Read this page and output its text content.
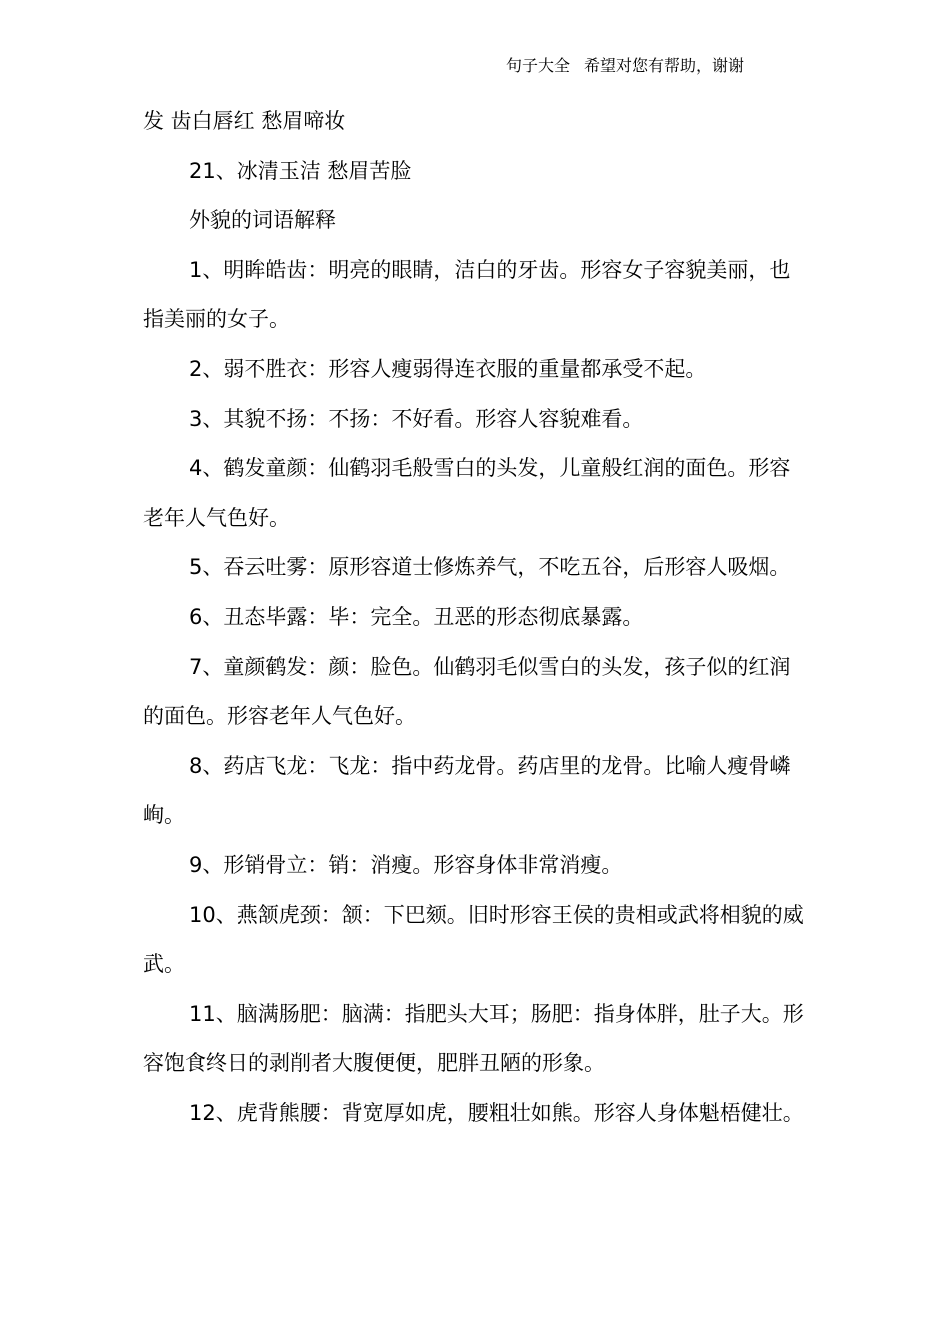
句子大全 希望对您有帮助，谢谢

发 齿白唇红 愁眉啼妆

21、冰清玉洁 愁眉苦脸

外貌的词语解释

1、明眸皓齿：明亮的眼睛，洁白的牙齿。形容女子容貌美丽，也指美丽的女子。

2、弱不胜衣：形容人瘦弱得连衣服的重量都承受不起。

3、其貌不扬：不扬：不好看。形容人容貌难看。

4、鹤发童颜：仙鹤羽毛般雪白的头发，儿童般红润的面色。形容老年人气色好。

5、吞云吐雾：原形容道士修炼养气，不吃五谷，后形容人吸烟。

6、丑态毕露：毕：完全。丑恶的形态彻底暴露。

7、童颜鹤发：颜：脸色。仙鹤羽毛似雪白的头发，孩子似的红润的面色。形容老年人气色好。

8、药店飞龙：飞龙：指中药龙骨。药店里的龙骨。比喻人瘦骨嶙峋。

9、形销骨立：销：消瘦。形容身体非常消瘦。

10、燕颔虎颈：颔：下巴颏。旧时形容王侯的贵相或武将相貌的威武。

11、脑满肠肥：脑满：指肥头大耳；肠肥：指身体胖，肚子大。形容饱食终日的剥削者大腹便便，肥胖丑陋的形象。

12、虎背熊腰：背宽厚如虎，腰粗壮如熊。形容人身体魁梧健壮。
